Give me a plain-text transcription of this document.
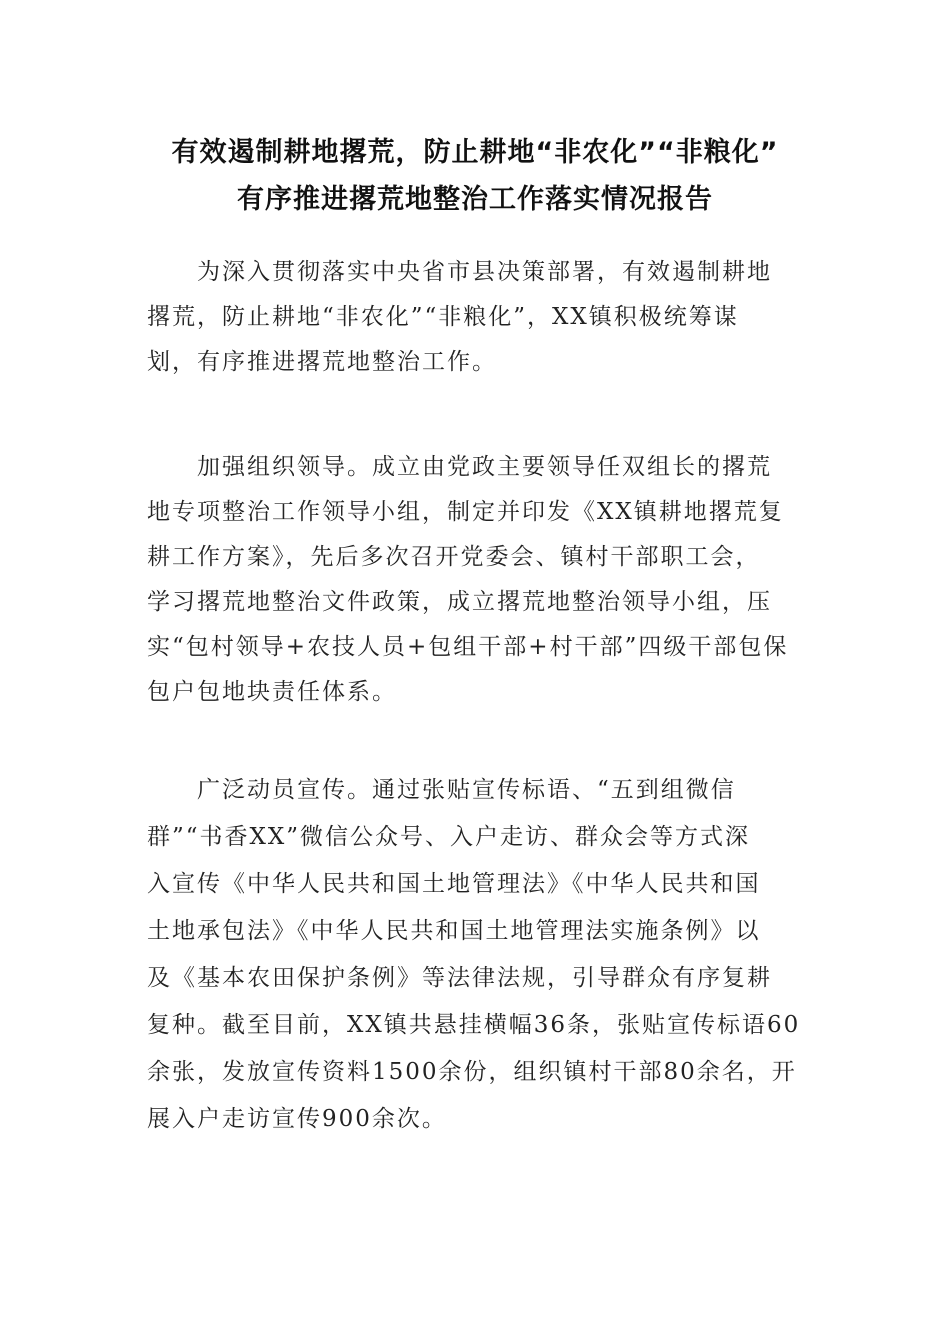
有效遏制耕地撂荒，防止耕地“非农化”“非粮化”
有序推进撂荒地整治工作落实情况报告
为深入贯彻落实中央省市县决策部署，有效遏制耕地
撂荒，防止耕地“非农化”“非粮化”，XX镇积极统筹谋
划，有序推进撂荒地整治工作。
加强组织领导。成立由党政主要领导任双组长的撂荒
地专项整治工作领导小组，制定并印发《XX镇耕地撂荒复
耕工作方案》，先后多次召开党委会、镇村干部职工会，
学习撂荒地整治文件政策，成立撂荒地整治领导小组，压
实“包村领导+农技人员+包组干部+村干部”四级干部包保
包户包地块责任体系。
广泛动员宣传。通过张贴宣传标语、“五到组微信
群”“书香XX”微信公众号、入户走访、群众会等方式深
入宣传《中华人民共和国土地管理法》《中华人民共和国
土地承包法》《中华人民共和国土地管理法实施条例》以
及《基本农田保护条例》等法律法规，引导群众有序复耕
复种。截至目前，XX镇共悬挂横幅36条，张贴宣传标语60
余张，发放宣传资料1500余份，组织镇村干部80余名，开
展入户走访宣传900余次。
